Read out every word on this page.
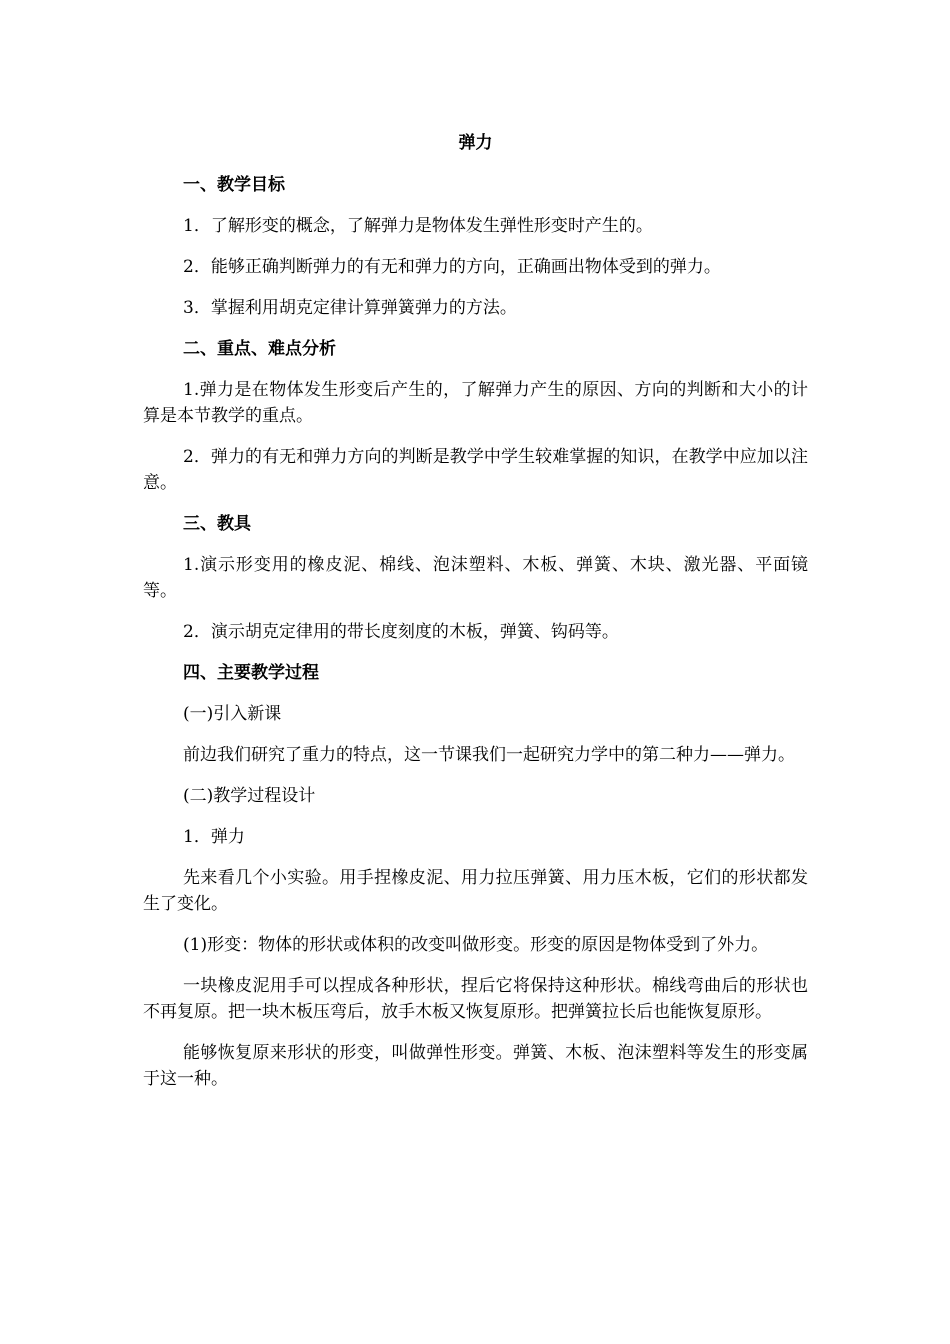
弹力
一、教学目标

1．了解形变的概念，了解弹力是物体发生弹性形变时产生的。

2．能够正确判断弹力的有无和弹力的方向，正确画出物体受到的弹力。

3．掌握利用胡克定律计算弹簧弹力的方法。

二、重点、难点分析

1.弹力是在物体发生形变后产生的，了解弹力产生的原因、方向的判断和大小的计算是本节教学的重点。

2．弹力的有无和弹力方向的判断是教学中学生较难掌握的知识，在教学中应加以注意。

三、教具

1.演示形变用的橡皮泥、棉线、泡沫塑料、木板、弹簧、木块、激光器、平面镜等。

2．演示胡克定律用的带长度刻度的木板，弹簧、钩码等。

四、主要教学过程

(一)引入新课

前边我们研究了重力的特点，这一节课我们一起研究力学中的第二种力——弹力。

(二)教学过程设计

1．弹力

先来看几个小实验。用手捏橡皮泥、用力拉压弹簧、用力压木板，它们的形状都发生了变化。

(1)形变：物体的形状或体积的改变叫做形变。形变的原因是物体受到了外力。

一块橡皮泥用手可以捏成各种形状，捏后它将保持这种形状。棉线弯曲后的形状也不再复原。把一块木板压弯后，放手木板又恢复原形。把弹簧拉长后也能恢复原形。

能够恢复原来形状的形变，叫做弹性形变。弹簧、木板、泡沫塑料等发生的形变属于这一种。
